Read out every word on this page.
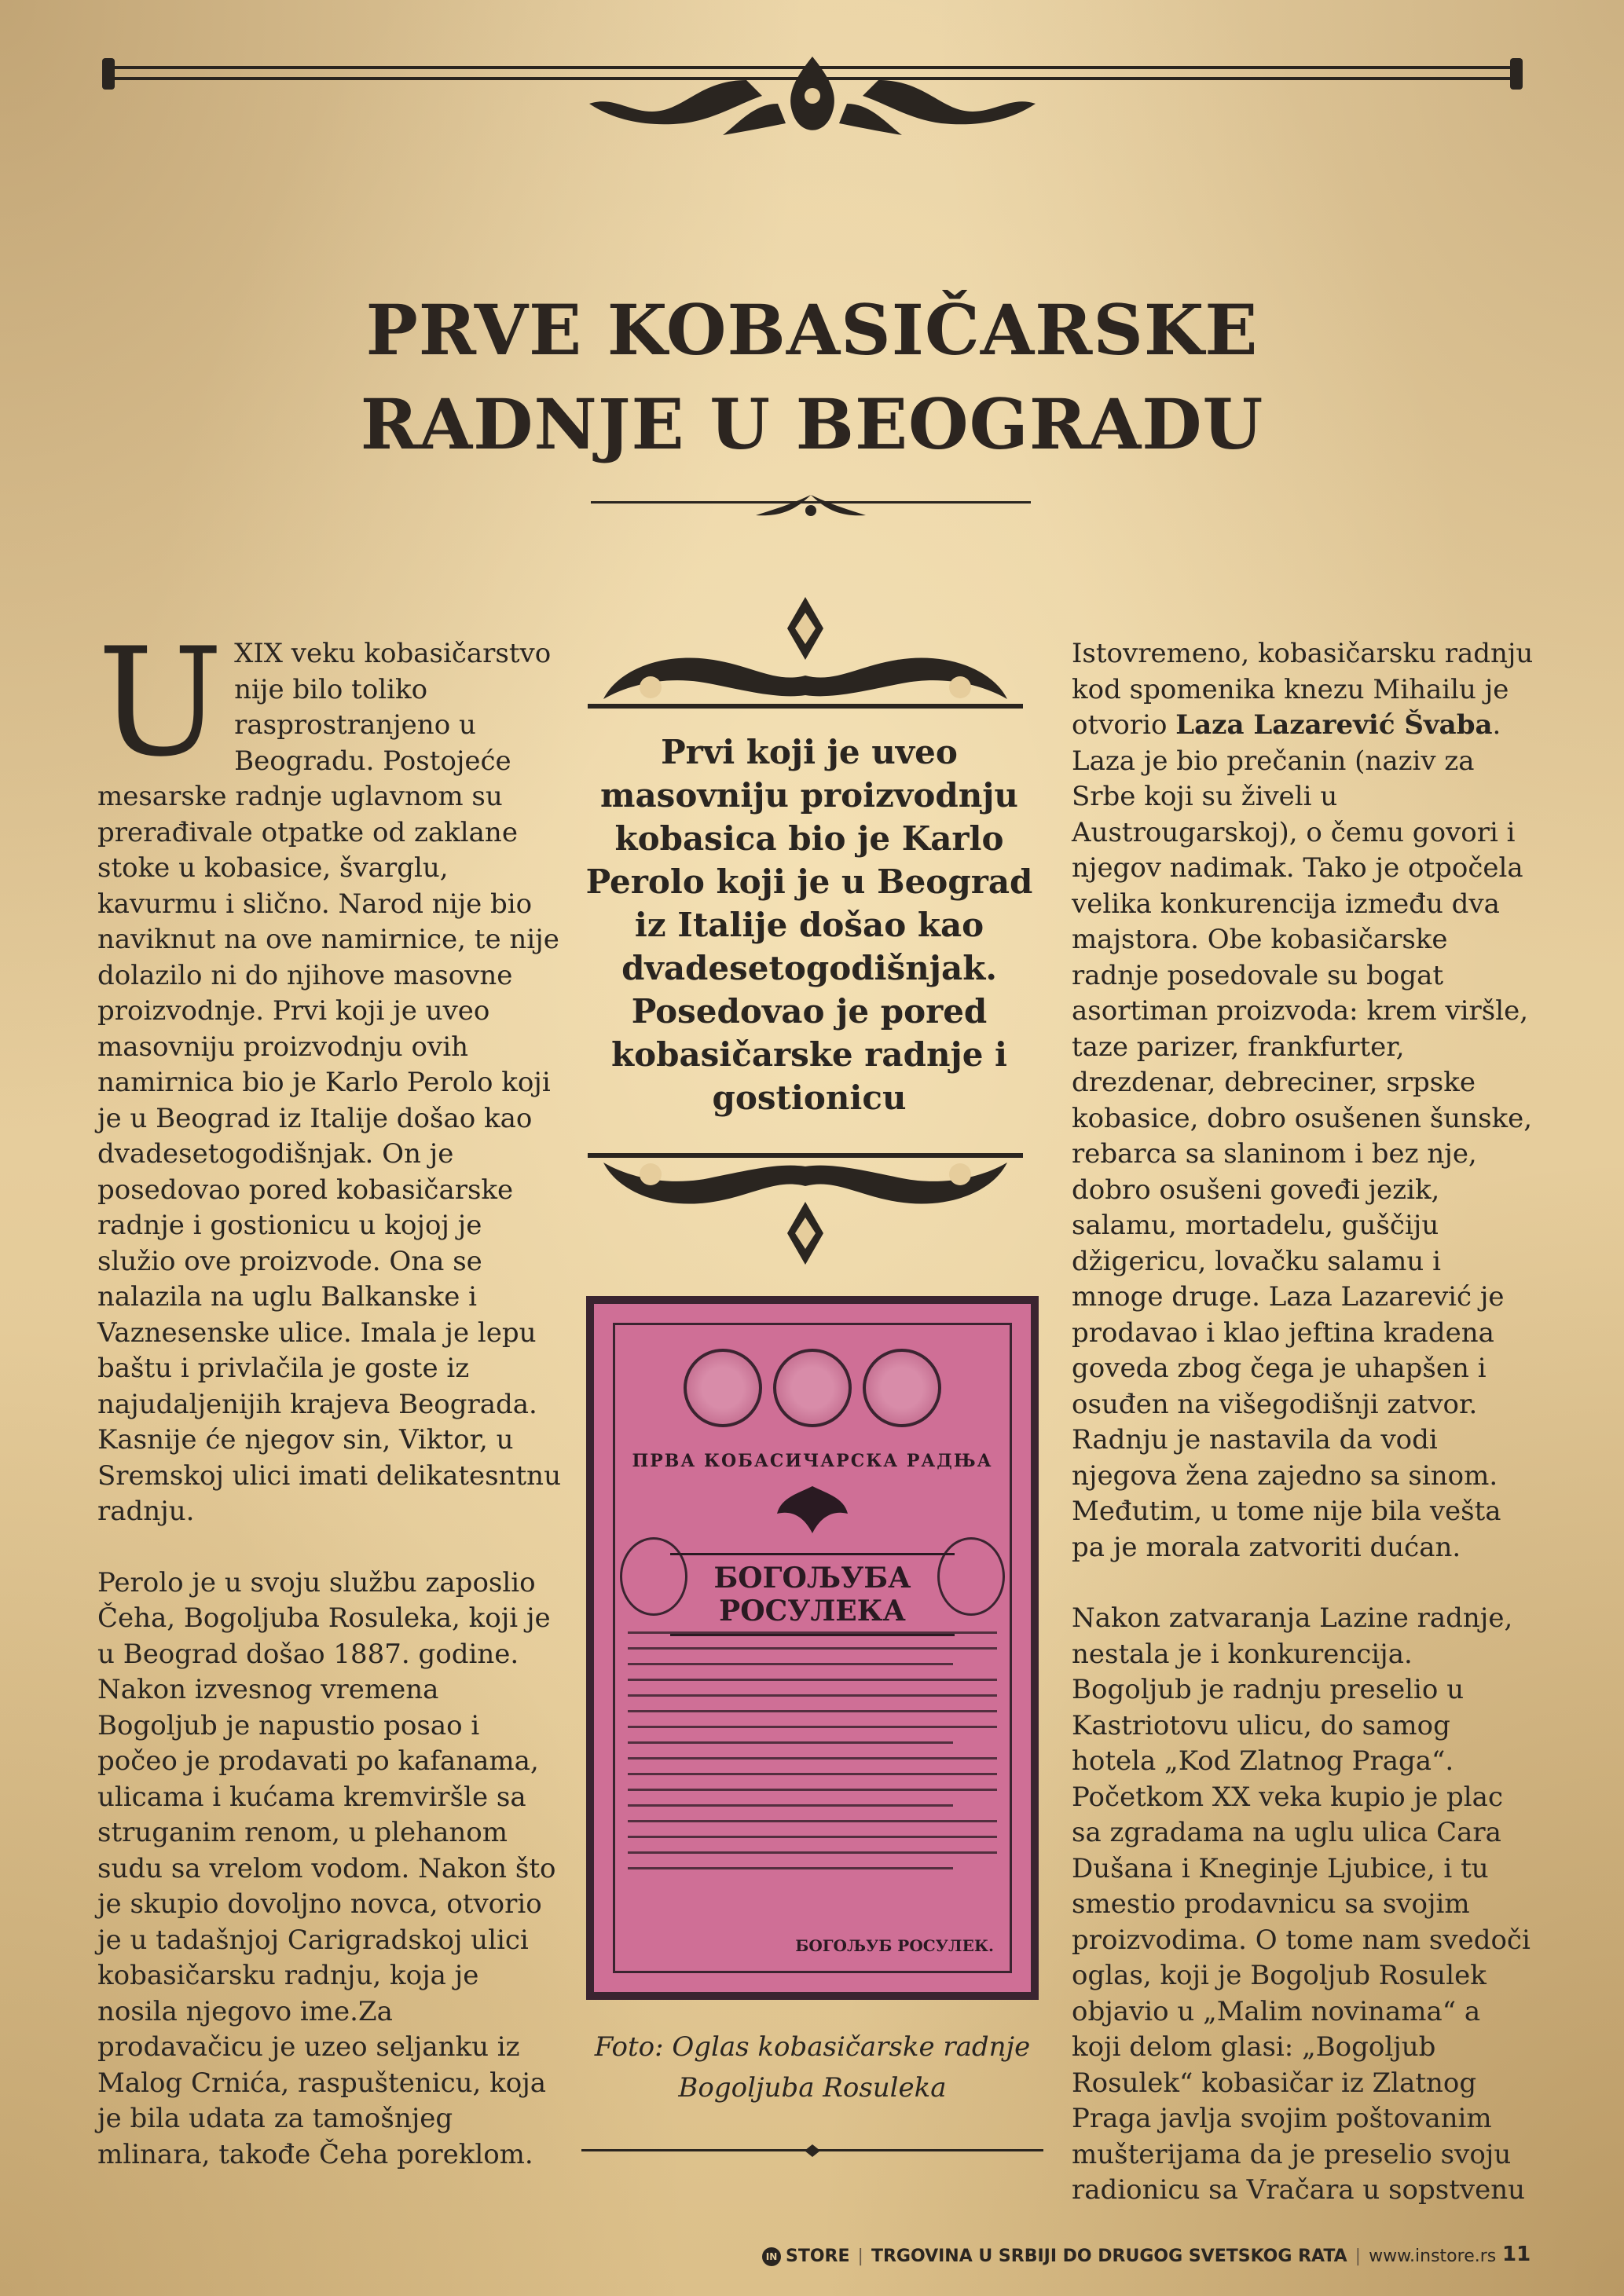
PRVE KOBASIČARSKE
RADNJE U BEOGRADU

UXIX veku kobasičarstvo nije bilo toliko rasprostranjeno u Beogradu. Postojeće mesarske radnje uglavnom su prerađivale otpatke od zaklane stoke u kobasice, švarglu, kavurmu i slično. Narod nije bio naviknut na ove namirnice, te nije dolazilo ni do njihove masovne proizvodnje. Prvi koji je uveo masovniju proizvodnju ovih namirnica bio je Karlo Perolo koji je u Beograd iz Italije došao kao dvadesetogodišnjak. On je posedovao pored kobasičarske radnje i gostionicu u kojoj je služio ove proizvode. Ona se nalazila na uglu Balkanske i Vaznesenske ulice. Imala je lepu baštu i privlačila je goste iz najudaljenijih krajeva Beograda. Kasnije će njegov sin, Viktor, u Sremskoj ulici imati delikatesntnu radnju.

Perolo je u svoju službu zaposlio Čeha, Bogoljuba Rosuleka, koji je u Beograd došao 1887. godine. Nakon izvesnog vremena Bogoljub je napustio posao i počeo je prodavati po kafanama, ulicama i kućama kremviršle sa struganim renom, u plehanom sudu sa vrelom vodom. Nakon što je skupio dovoljno novca, otvorio je u tadašnjoj Carigradskoj ulici kobasičarsku radnju, koja je nosila njegovo ime.Za prodavačicu je uzeo seljanku iz Malog Crnića, raspuštenicu, koja je bila udata za tamošnjeg mlinara, takođe Čeha poreklom.

Prvi koji je uveo masovniju proizvodnju kobasica bio je Karlo Perolo koji je u Beograd iz Italije došao kao dvadesetogodišnjak. Posedovao je pored kobasičarske radnje i gostionicu
ПРВА КОБАСИЧАРСКА РАДЊА
БОГОЉУБА РОСУЛЕКА
БОГОЉУБ РОСУЛЕК.
Foto: Oglas kobasičarske radnje
Bogoljuba Rosuleka

Istovremeno, kobasičarsku radnju kod spomenika knezu Mihailu je otvorio Laza Lazarević Švaba. Laza je bio prečanin (naziv za Srbe koji su živeli u Austrougarskoj), o čemu govori i njegov nadimak. Tako je otpočela velika konkurencija između dva majstora. Obe kobasičarske radnje posedovale su bogat asortiman proizvoda: krem viršle, taze parizer, frankfurter, drezdenar, debreciner, srpske kobasice, dobro osušenen šunske, rebarca sa slaninom i bez nje, dobro osušeni goveđi jezik, salamu, mortadelu, guščiju džigericu, lovačku salamu i mnoge druge. Laza Lazarević je prodavao i klao jeftina kradena goveda zbog čega je uhapšen i osuđen na višegodišnji zatvor. Radnju je nastavila da vodi njegova žena zajedno sa sinom. Međutim, u tome nije bila vešta pa je morala zatvoriti dućan.

Nakon zatvaranja Lazine radnje, nestala je i konkurencija. Bogoljub je radnju preselio u Kastriotovu ulicu, do samog hotela „Kod Zlatnog Praga“. Početkom XX veka kupio je plac sa zgradama na uglu ulica Cara Dušana i Kneginje Ljubice, i tu smestio prodavnicu sa svojim proizvodima. O tome nam svedoči oglas, koji je Bogoljub Rosulek objavio u „Malim novinama“ a koji delom glasi: „Bogoljub Rosulek“ kobasičar iz Zlatnog Praga javlja svojim poštovanim mušterijama da je preselio svoju radionicu sa Vračara u sopstvenu

IN STORE | TRGOVINA U SRBIJI DO DRUGOG SVETSKOG RATA | www.instore.rs 11
